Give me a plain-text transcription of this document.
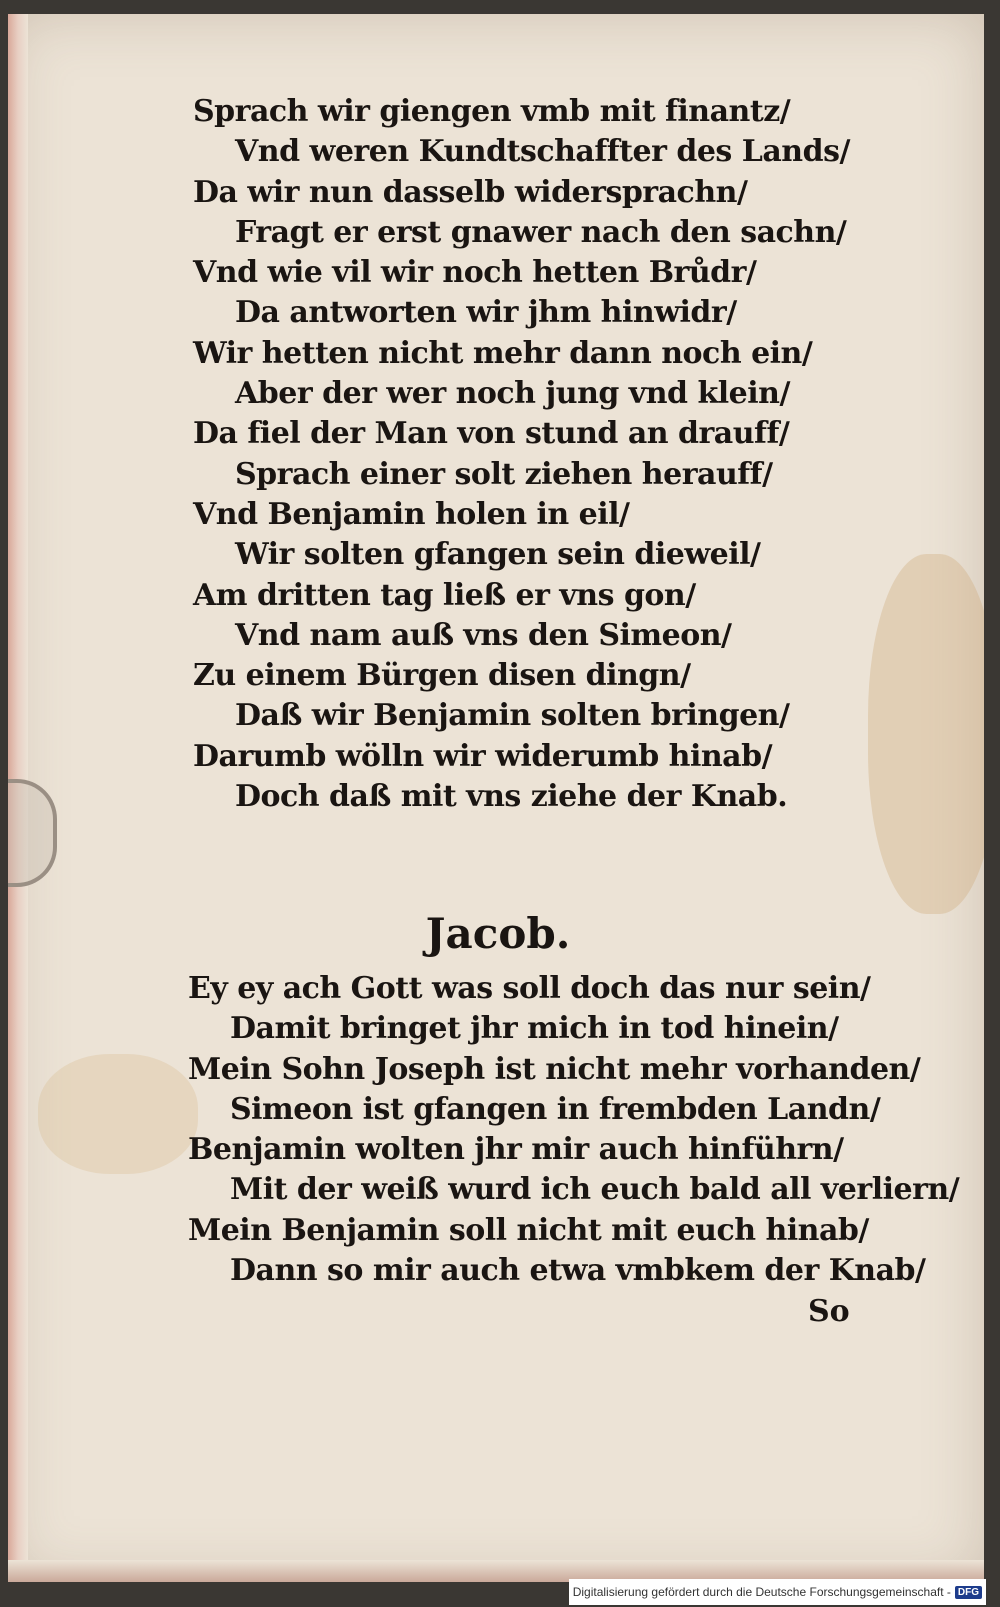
Sprach wir giengen vmb mit finantz/
Vnd weren Kundtschaffter des Lands/
Da wir nun dasselb widersprachn/
Fragt er erst gnawer nach den sachn/
Vnd wie vil wir noch hetten Brůdr/
Da antworten wir jhm hinwidr/
Wir hetten nicht mehr dann noch ein/
Aber der wer noch jung vnd klein/
Da fiel der Man von stund an drauff/
Sprach einer solt ziehen herauff/
Vnd Benjamin holen in eil/
Wir solten gfangen sein dieweil/
Am dritten tag ließ er vns gon/
Vnd nam auß vns den Simeon/
Zu einem Bürgen disen dingn/
Daß wir Benjamin solten bringen/
Darumb wölln wir widerumb hinab/
Doch daß mit vns ziehe der Knab.
Jacob.
Ey ey ach Gott was soll doch das nur sein/
Damit bringet jhr mich in tod hinein/
Mein Sohn Joseph ist nicht mehr vorhanden/
Simeon ist gfangen in frembden Landn/
Benjamin wolten jhr mir auch hinführn/
Mit der weiß wurd ich euch bald all verliern/
Mein Benjamin soll nicht mit euch hinab/
Dann so mir auch etwa vmbkem der Knab/
So
Digitalisierung gefördert durch die Deutsche Forschungsgemeinschaft - DFG
